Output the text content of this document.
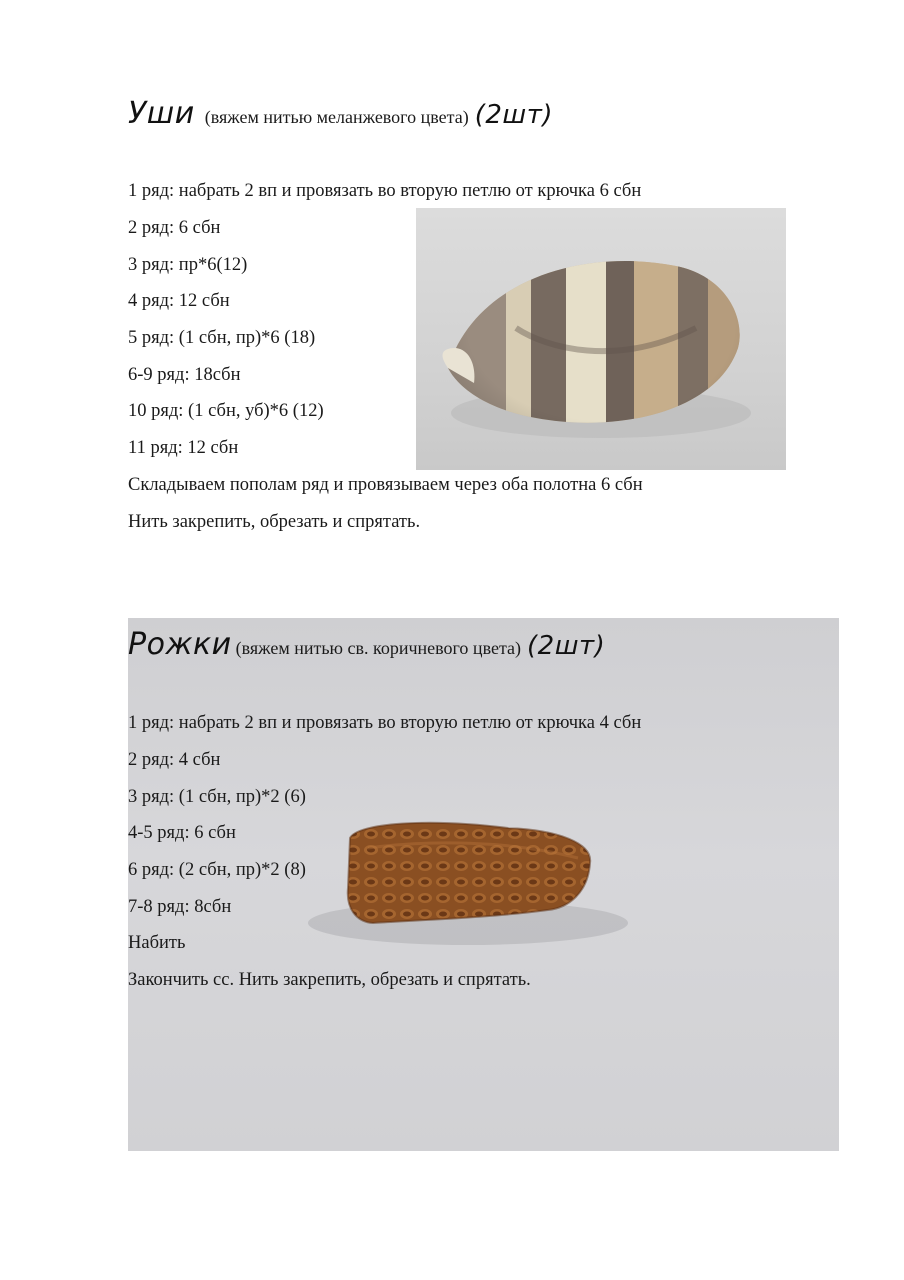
Уши (вяжем нитью меланжевого цвета) (2шт)
1 ряд: набрать 2 вп и провязать во вторую петлю от крючка 6 сбн
2 ряд: 6 сбн
3 ряд: пр*6(12)
4 ряд: 12 сбн
5 ряд: (1 сбн, пр)*6 (18)
6-9 ряд: 18сбн
10 ряд: (1 сбн, уб)*6 (12)
11 ряд: 12 сбн
Складываем пополам ряд и провязываем через оба полотна 6 сбн
Нить закрепить, обрезать и спрятать.
Рожки (вяжем нитью св. коричневого цвета) (2шт)
1 ряд: набрать 2 вп и провязать во вторую петлю от крючка 4 сбн
2 ряд: 4 сбн
3 ряд: (1 сбн, пр)*2 (6)
4-5 ряд: 6 сбн
6 ряд: (2 сбн, пр)*2 (8)
7-8 ряд: 8сбн
Набить
Закончить сс. Нить закрепить, обрезать и спрятать.
